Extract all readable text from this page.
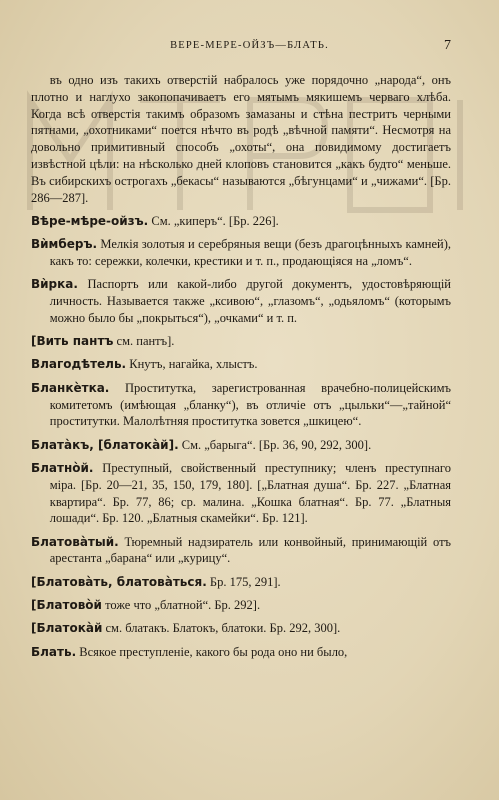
ВЕРЕ-МЕРЕ-ОЙЗЪ—БЛАТЬ.	7

въ одно изъ такихъ отверстій набралось уже порядочно „народа“, онъ плотно и наглухо закопопачиваетъ его мятымъ мякишемъ черваго хлѣба. Когда всѣ отверстія такимъ образомъ замазаны и стѣна пестритъ черными пятнами, „охотниками“ поется нѣчто въ родѣ „вѣчной памяти“. Несмотря на довольно примитивный способъ „охоты“, она повидимому достигаетъ извѣстной цѣли: на нѣсколько дней клоповъ становится „какъ будто“ меньше. Въ сибирскихъ острогахъ „бекасы“ называются „бѣгунцами“ и „чижами“. [Бр. 286—287].

Вѣре-мѣре-ойзъ. См. „киперъ“. [Бр. 226].

Вѝмберъ. Мелкія золотыя и серебряныя вещи (безъ драгоцѣнныхъ камней), какъ то: сережки, колечки, крестики и т. п., продающіяся на „ломъ“.

Вѝрка. Паспортъ или какой-либо другой документъ, удостовѣряющій личность. Называется также „ксивою“, „глазомъ“, „одьяломъ“ (которымъ можно было бы „покрыться“), „очками“ и т. п.

[Вить пантъ см. пантъ].

Влагодѣтель. Кнутъ, нагайка, хлыстъ.

Бланкѐтка. Проститутка, зарегистрованная врачебно-полицейскимъ комитетомъ (имѣющая „бланку“), въ отличіе отъ „цыльки“—„тайной“ проститутки. Малолѣтняя проститутка зовется „шкицею“.

Блатàкъ, [блатокàй]. См. „барыга“. [Бр. 36, 90, 292, 300].

Блатнòй. Преступный, свойственный преступнику; членъ преступнаго міра. [Бр. 20—21, 35, 150, 179, 180]. [„Блатная душа“. Бр. 227. „Блатная квартира“. Бр. 77, 86; ср. малина. „Кошка блатная“. Бр. 77. „Блатныя лошади“. Бр. 120. „Блатныя скамейки“. Бр. 121].

Блатовàтый. Тюремный надзиратель или конвойный, принимающій отъ арестанта „барана“ или „курицу“.

[Блатовàть, блатовàться. Бр. 175, 291].

[Блатовòй тоже что „блатной“. Бр. 292].

[Блатокàй см. блатакъ. Блатокъ, блатоки. Бр. 292, 300].

Блать. Всякое преступленіе, какого бы рода оно ни было,
